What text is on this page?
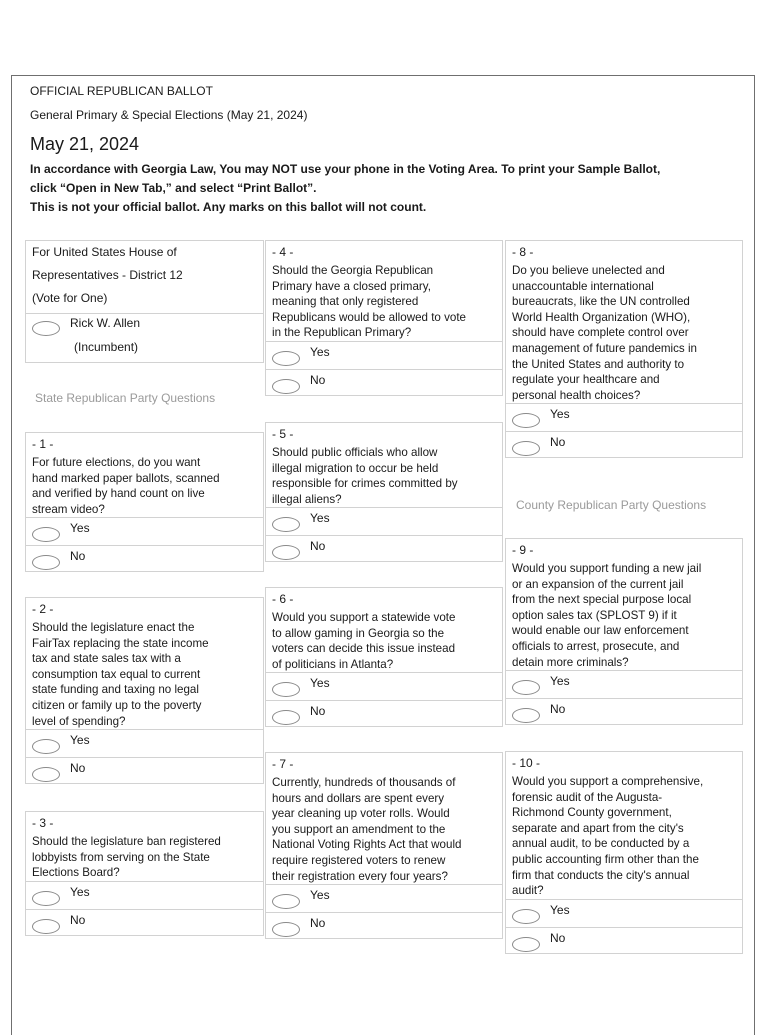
OFFICIAL REPUBLICAN BALLOT
General Primary & Special Elections (May 21, 2024)
May 21, 2024
In accordance with Georgia Law, You may NOT use your phone in the Voting Area. To print your Sample Ballot,
click “Open in New Tab,” and select “Print Ballot”.
This is not your official ballot. Any marks on this ballot will not count.
For United States House of
Representatives - District 12
(Vote for One)
Rick W. Allen
(Incumbent)
State Republican Party Questions
County Republican Party Questions
- 1 -
For future elections, do you want
hand marked paper ballots, scanned
and verified by hand count on live
stream video?
Yes
No
- 2 -
Should the legislature enact the
FairTax replacing the state income
tax and state sales tax with a
consumption tax equal to current
state funding and taxing no legal
citizen or family up to the poverty
level of spending?
Yes
No
- 3 -
Should the legislature ban registered
lobbyists from serving on the State
Elections Board?
Yes
No
- 4 -
Should the Georgia Republican
Primary have a closed primary,
meaning that only registered
Republicans would be allowed to vote
in the Republican Primary?
Yes
No
- 5 -
Should public officials who allow
illegal migration to occur be held
responsible for crimes committed by
illegal aliens?
Yes
No
- 6 -
Would you support a statewide vote
to allow gaming in Georgia so the
voters can decide this issue instead
of politicians in Atlanta?
Yes
No
- 7 -
Currently, hundreds of thousands of
hours and dollars are spent every
year cleaning up voter rolls. Would
you support an amendment to the
National Voting Rights Act that would
require registered voters to renew
their registration every four years?
Yes
No
- 8 -
Do you believe unelected and
unaccountable international
bureaucrats, like the UN controlled
World Health Organization (WHO),
should have complete control over
management of future pandemics in
the United States and authority to
regulate your healthcare and
personal health choices?
Yes
No
- 9 -
Would you support funding a new jail
or an expansion of the current jail
from the next special purpose local
option sales tax (SPLOST 9) if it
would enable our law enforcement
officials to arrest, prosecute, and
detain more criminals?
Yes
No
- 10 -
Would you support a comprehensive,
forensic audit of the Augusta-
Richmond County government,
separate and apart from the city's
annual audit, to be conducted by a
public accounting firm other than the
firm that conducts the city's annual
audit?
Yes
No
